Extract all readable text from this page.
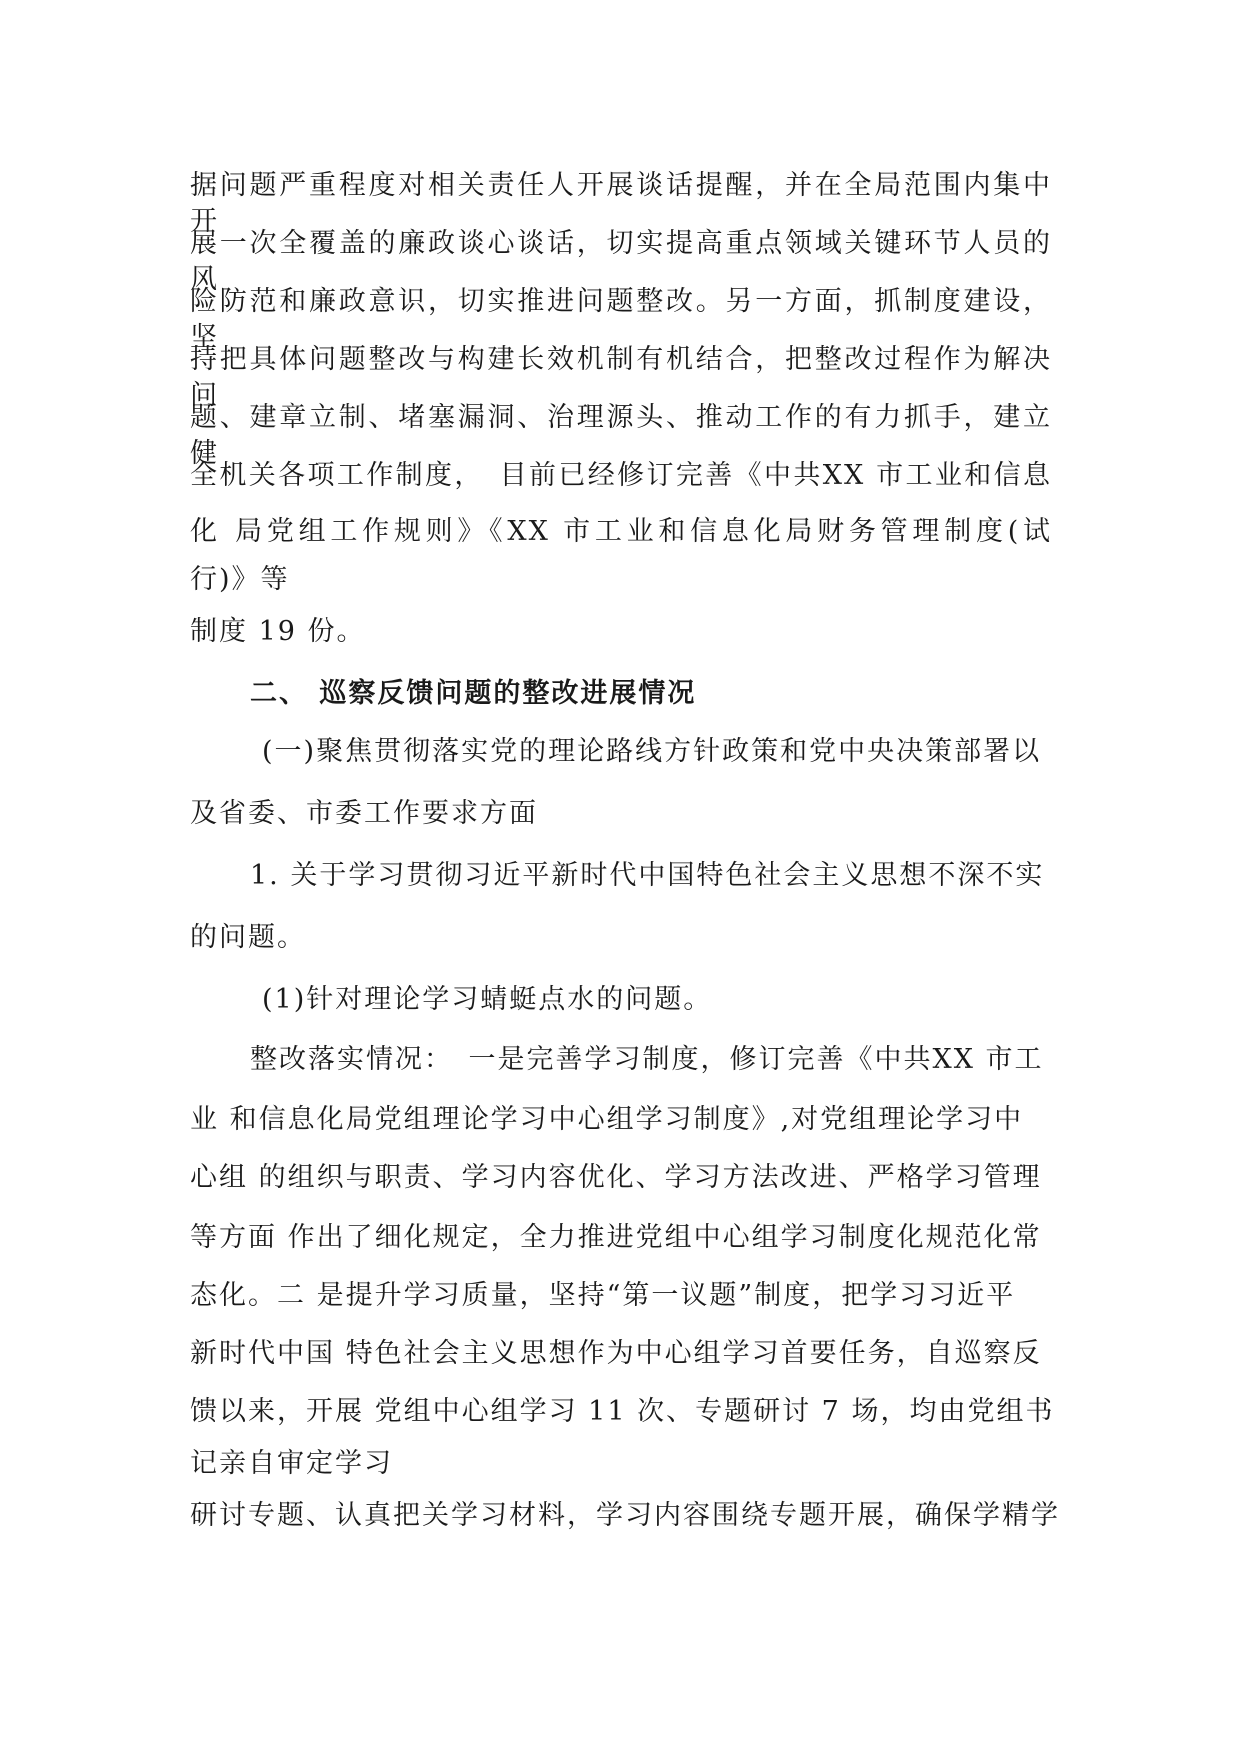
据问题严重程度对相关责任人开展谈话提醒，并在全局范围内集中开
展一次全覆盖的廉政谈心谈话，切实提高重点领域关键环节人员的风
险防范和廉政意识，切实推进问题整改。另一方面，抓制度建设，坚
持把具体问题整改与构建长效机制有机结合，把整改过程作为解决问
题、建章立制、堵塞漏洞、治理源头、推动工作的有力抓手，建立健
全机关各项工作制度，　目前已经修订完善《中共XX 市工业和信息
化 局党组工作规则》《XX 市工业和信息化局财务管理制度(试
行)》等
制度 19 份。
二、 巡察反馈问题的整改进展情况
(一)聚焦贯彻落实党的理论路线方针政策和党中央决策部署以
及省委、市委工作要求方面
1. 关于学习贯彻习近平新时代中国特色社会主义思想不深不实
的问题。
(1)针对理论学习蜻蜓点水的问题。
整改落实情况：　一是完善学习制度，修订完善《中共XX 市工
业 和信息化局党组理论学习中心组学习制度》,对党组理论学习中
心组 的组织与职责、学习内容优化、学习方法改进、严格学习管理
等方面 作出了细化规定，全力推进党组中心组学习制度化规范化常
态化。二 是提升学习质量，坚持“第一议题”制度，把学习习近平
新时代中国 特色社会主义思想作为中心组学习首要任务，自巡察反
馈以来，开展 党组中心组学习 11 次、专题研讨 7 场，均由党组书
记亲自审定学习
研讨专题、认真把关学习材料，学习内容围绕专题开展，确保学精学
